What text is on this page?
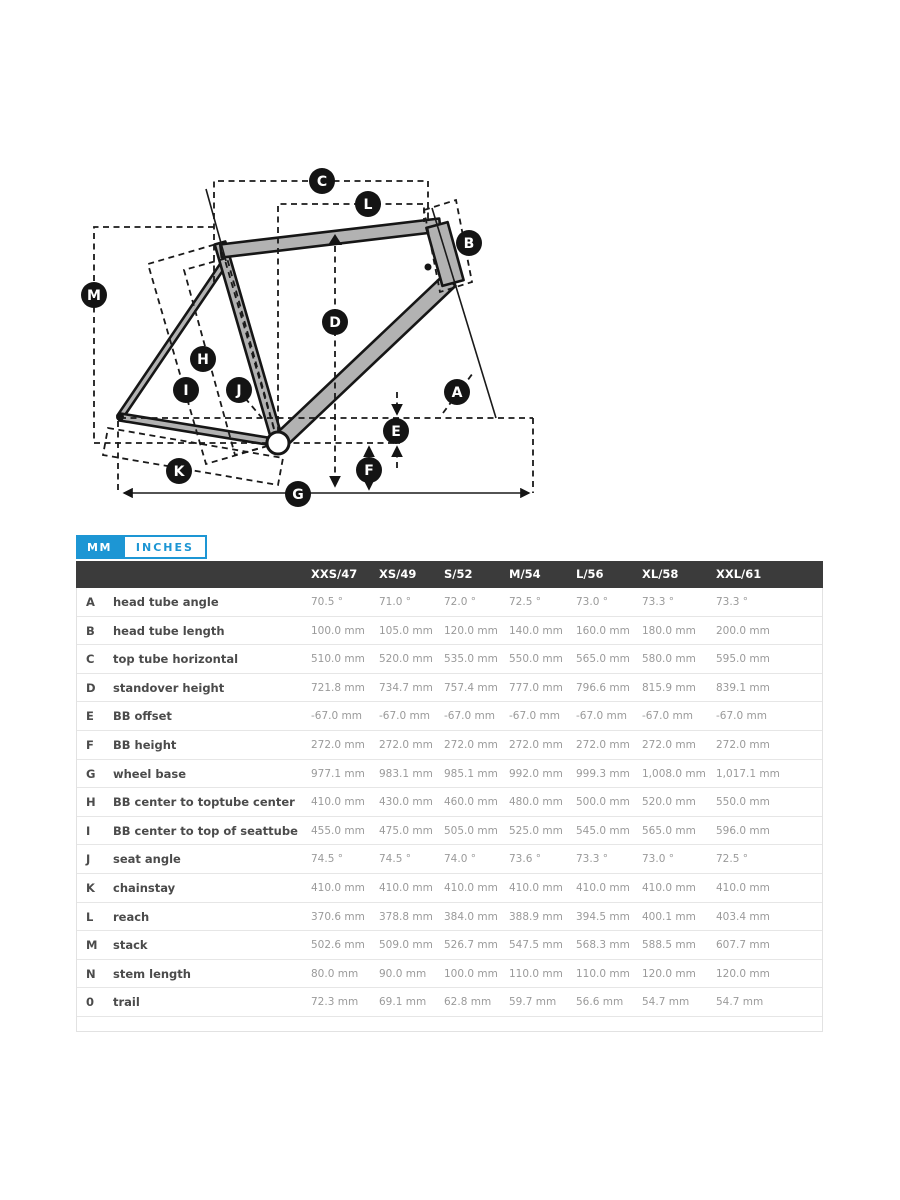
A
B
C
D
E
F
G
H
I	J
K
L
M
MM	INCHES
XXS/47 XS/49 S/52	M/54	L/56	XL/58	XXL/61
A head tube angle	70.5 °	71.0 °	72.0 °	72.5 °	73.0 °	73.3 °	73.3 °
B head tube length	100.0 mm 105.0 mm 120.0 mm 140.0 mm 160.0 mm 180.0 mm 200.0 mm
C top tube horizontal	510.0 mm 520.0 mm 535.0 mm 550.0 mm 565.0 mm 580.0 mm 595.0 mm
D standover height	721.8 mm 734.7 mm 757.4 mm 777.0 mm 796.6 mm 815.9 mm 839.1 mm
E BB offset	-67.0 mm -67.0 mm -67.0 mm -67.0 mm -67.0 mm -67.0 mm -67.0 mm
F BB height	272.0 mm 272.0 mm 272.0 mm 272.0 mm 272.0 mm 272.0 mm 272.0 mm
G wheel base	977.1 mm 983.1 mm 985.1 mm 992.0 mm 999.3 mm 1,008.0 mm 1,017.1 mm
H BB center to toptube center 410.0 mm 430.0 mm 460.0 mm 480.0 mm 500.0 mm 520.0 mm 550.0 mm
I BB center to top of seattube 455.0 mm 475.0 mm 505.0 mm 525.0 mm 545.0 mm 565.0 mm 596.0 mm
J seat angle	74.5 °	74.5 °	74.0 °	73.6 °	73.3 °	73.0 °	72.5 °
K chainstay	410.0 mm 410.0 mm 410.0 mm 410.0 mm 410.0 mm 410.0 mm 410.0 mm
L reach	370.6 mm 378.8 mm 384.0 mm 388.9 mm 394.5 mm 400.1 mm 403.4 mm
M stack	502.6 mm 509.0 mm 526.7 mm 547.5 mm 568.3 mm 588.5 mm 607.7 mm
N stem length	80.0 mm 90.0 mm 100.0 mm 110.0 mm 110.0 mm 120.0 mm 120.0 mm
0 trail	72.3 mm 69.1 mm 62.8 mm 59.7 mm 56.6 mm 54.7 mm	54.7 mm
